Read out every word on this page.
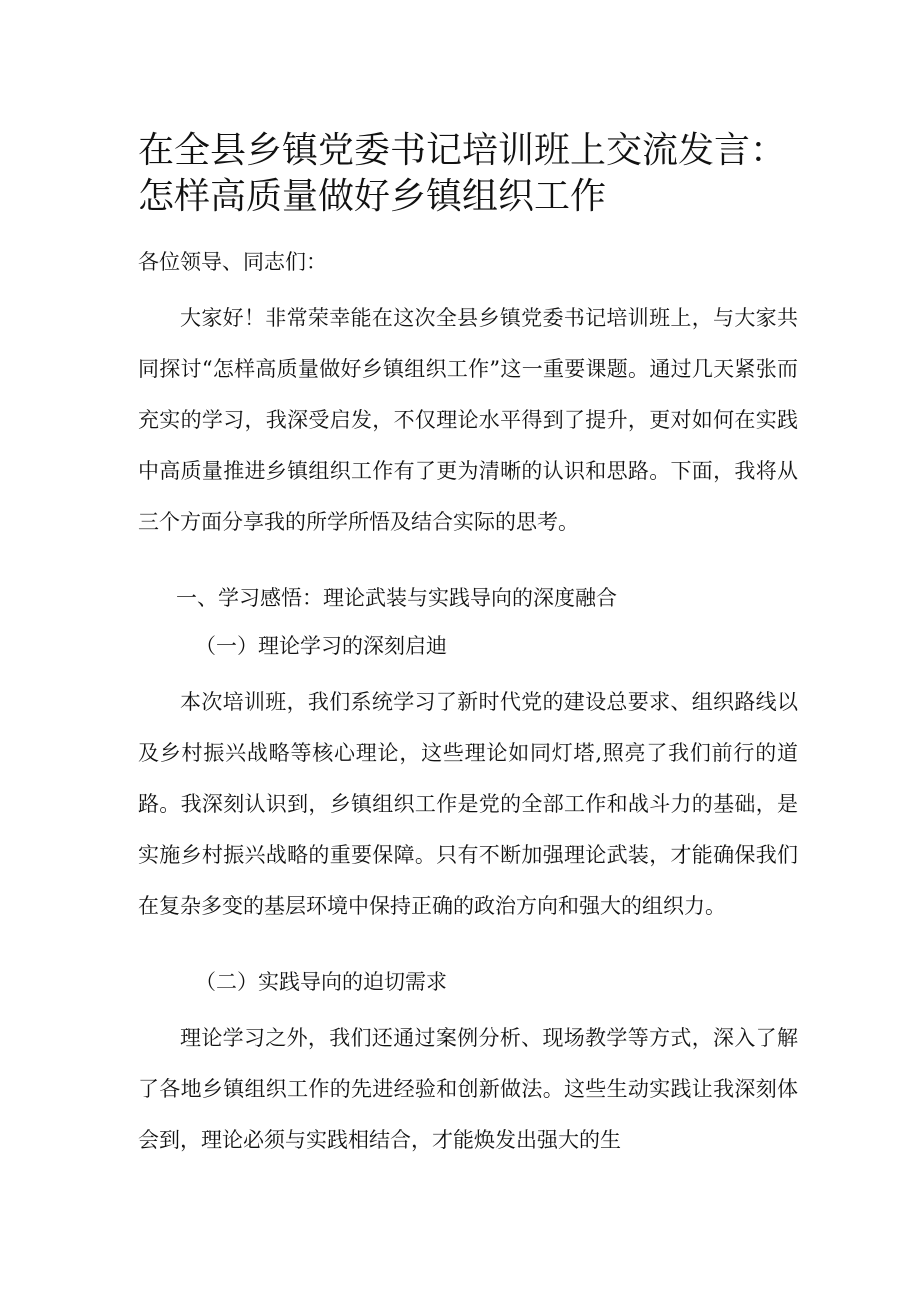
在全县乡镇党委书记培训班上交流发言：怎样高质量做好乡镇组织工作

各位领导、同志们：

大家好！非常荣幸能在这次全县乡镇党委书记培训班上，与大家共同探讨“怎样高质量做好乡镇组织工作”这一重要课题。通过几天紧张而充实的学习，我深受启发，不仅理论水平得到了提升，更对如何在实践中高质量推进乡镇组织工作有了更为清晰的认识和思路。下面，我将从三个方面分享我的所学所悟及结合实际的思考。

一、学习感悟：理论武装与实践导向的深度融合

（一）理论学习的深刻启迪

本次培训班，我们系统学习了新时代党的建设总要求、组织路线以及乡村振兴战略等核心理论，这些理论如同灯塔,照亮了我们前行的道路。我深刻认识到，乡镇组织工作是党的全部工作和战斗力的基础，是实施乡村振兴战略的重要保障。只有不断加强理论武装，才能确保我们在复杂多变的基层环境中保持正确的政治方向和强大的组织力。

（二）实践导向的迫切需求

理论学习之外，我们还通过案例分析、现场教学等方式，深入了解了各地乡镇组织工作的先进经验和创新做法。这些生动实践让我深刻体会到，理论必须与实践相结合，才能焕发出强大的生
